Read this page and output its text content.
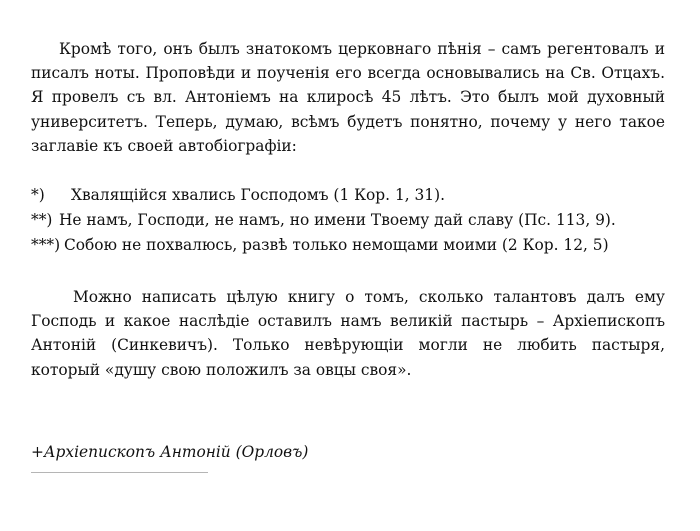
Кромѣ того, онъ былъ знатокомъ церковнаго пѣнія – самъ регентовалъ и писалъ ноты. Проповѣди и поученія его всегда основывались на Св. Отцахъ. Я провелъ съ вл. Антоніемъ на клиросѣ 45 лѣтъ. Это былъ мой духовный университетъ. Теперь, думаю, всѣмъ будетъ понятно, почему у него такое заглавіе къ своей автобіографіи:

*) Хвалящійся хвались Господомъ (1 Кор. 1, 31).
**) Не намъ, Господи, не намъ, но имени Твоему дай славу (Пс. 113, 9).
***) Собою не похвалюсь, развѣ только немощами моими (2 Кор. 12, 5)

Можно написать цѣлую книгу о томъ, сколько талантовъ далъ ему Господь и какое наслѣдіе оставилъ намъ великій пастырь – Архіепископъ Антоній (Синкевичъ). Только невѣрующіи могли не любить пастыря, который «душу свою положилъ за овцы своя».

+Архіепископъ Антоній (Орловъ)
